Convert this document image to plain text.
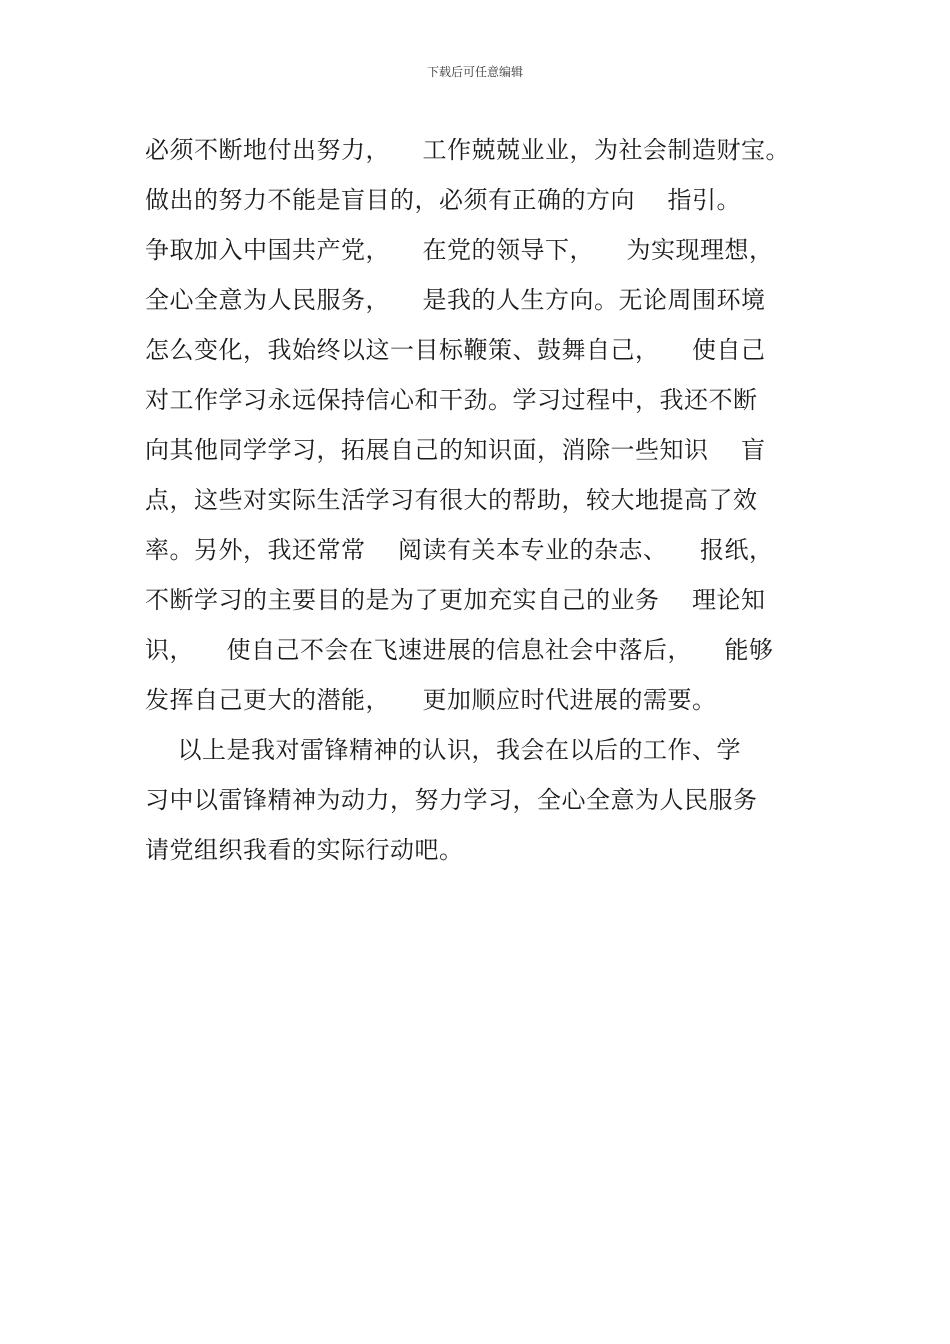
下载后可任意编辑
必须不断地付出努力，    工作兢兢业业，为社会制造财宝。
做出的努力不能是盲目的，必须有正确的方向    指引。
争取加入中国共产党，    在党的领导下，    为实现理想，
全心全意为人民服务，    是我的人生方向。无论周围环境
怎么变化，我始终以这一目标鞭策、鼓舞自己，    使自己
对工作学习永远保持信心和干劲。学习过程中，我还不断
向其他同学学习，拓展自己的知识面，消除一些知识    盲
点，这些对实际生活学习有很大的帮助，较大地提高了效
率。另外，我还常常    阅读有关本专业的杂志、    报纸，
不断学习的主要目的是为了更加充实自己的业务    理论知
识，    使自己不会在飞速进展的信息社会中落后，    能够
发挥自己更大的潜能，    更加顺应时代进展的需要。
以上是我对雷锋精神的认识，我会在以后的工作、学
习中以雷锋精神为动力，努力学习，全心全意为人民服务
请党组织我看的实际行动吧。
